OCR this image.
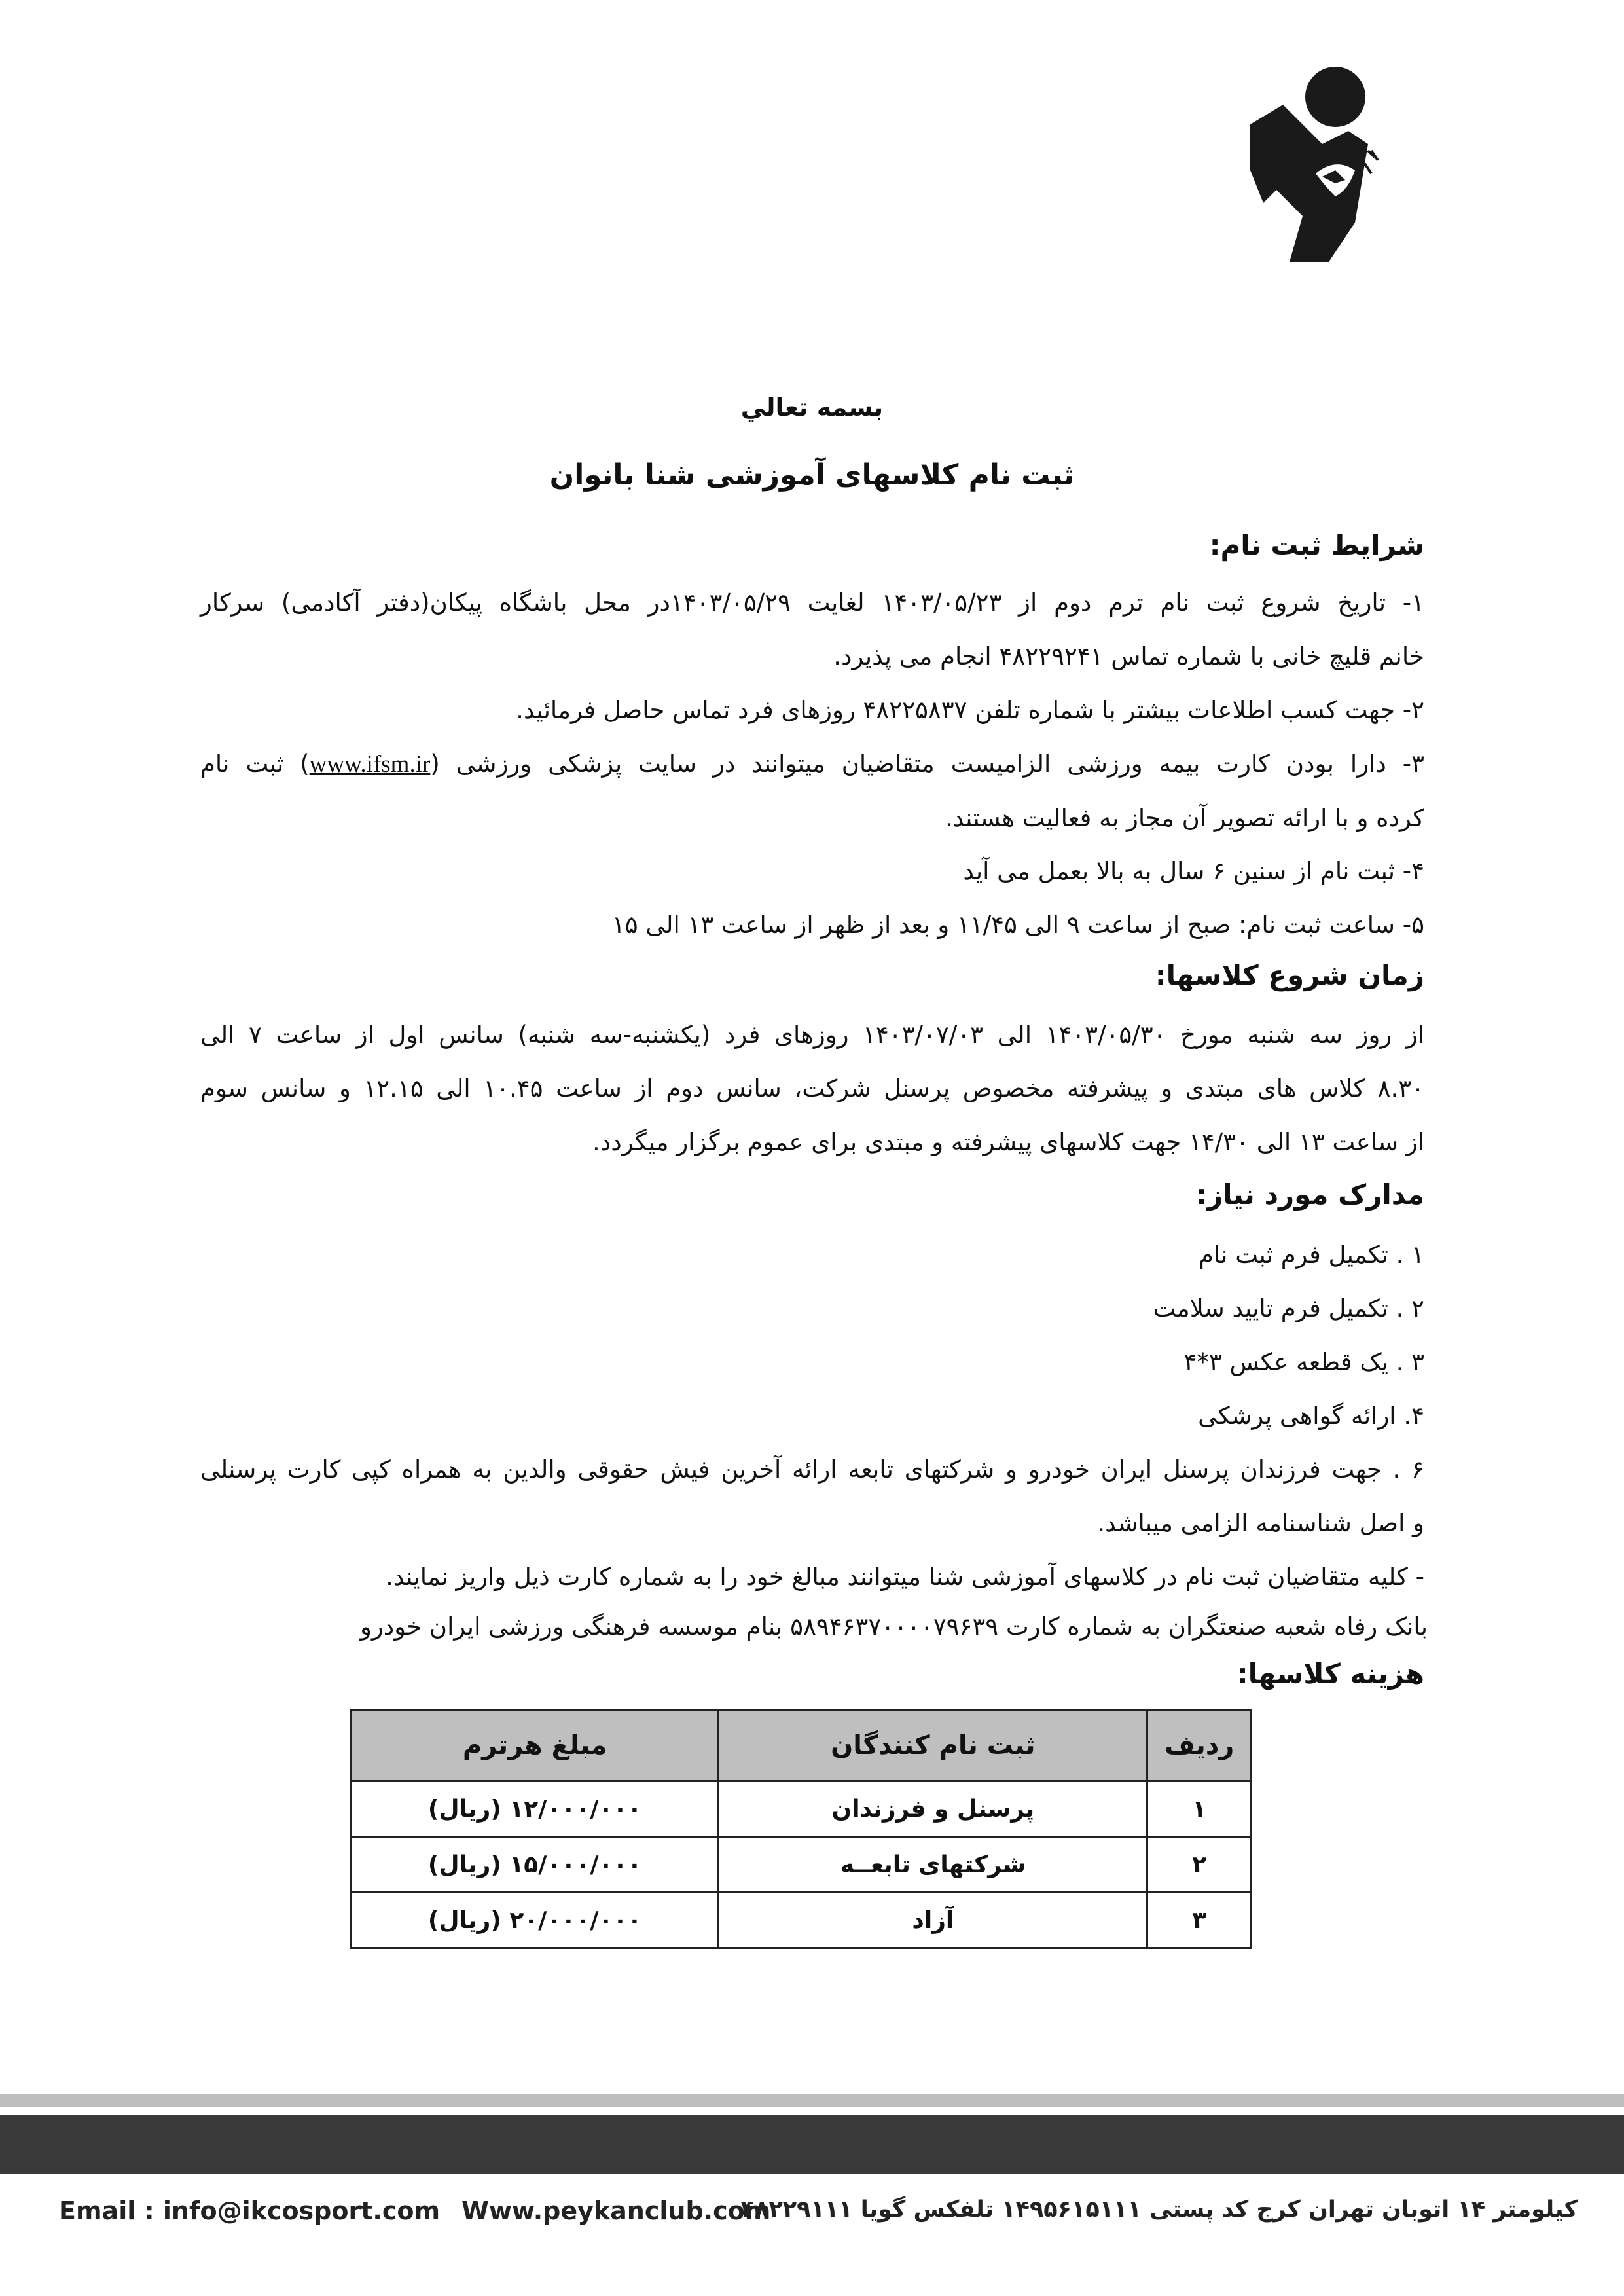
بسمه تعالي
ثبت نام کلاسهای آموزشی شنا بانوان
شرایط ثبت نام:
۱- تاریخ شروع ثبت نام ترم دوم از ۱۴۰۳/۰۵/۲۳ لغایت ۱۴۰۳/۰۵/۲۹در محل باشگاه پیکان(دفتر آکادمی) سرکار
خانم قلیچ خانی با شماره تماس ۴۸۲۲۹۲۴۱ انجام می پذیرد.
۲- جهت کسب اطلاعات بیشتر با شماره تلفن ۴۸۲۲۵۸۳۷ روزهای فرد تماس حاصل فرمائید.
۳- دارا بودن کارت بیمه ورزشی الزامیست متقاضیان میتوانند در سایت پزشکی ورزشی (www.ifsm.ir) ثبت نام
کرده و با ارائه تصویر آن مجاز به فعالیت هستند.
۴- ثبت نام از سنین ۶ سال به بالا بعمل می آید
۵- ساعت ثبت نام: صبح از ساعت ۹ الی ۱۱/۴۵ و بعد از ظهر از ساعت ۱۳ الی ۱۵
زمان شروع کلاسها:
از روز سه شنبه مورخ ۱۴۰۳/۰۵/۳۰ الی ۱۴۰۳/۰۷/۰۳ روزهای فرد (یکشنبه-سه شنبه) سانس اول از ساعت ۷ الی
۸.۳۰ کلاس های مبتدی و پیشرفته مخصوص پرسنل شرکت، سانس دوم از ساعت ۱۰.۴۵ الی ۱۲.۱۵ و سانس سوم
از ساعت ۱۳ الی ۱۴/۳۰ جهت کلاسهای پیشرفته و مبتدی برای عموم برگزار میگردد.
مدارک مورد نیاز:
۱ . تکمیل فرم ثبت نام
۲ . تکمیل فرم تایید سلامت
۳ . یک قطعه عکس ۳*۴
۴. ارائه گواهی پرشکی
۶ . جهت فرزندان پرسنل ایران خودرو و شرکتهای تابعه ارائه آخرین فیش حقوقی والدین به همراه کپی کارت پرسنلی
و اصل شناسنامه الزامی میباشد.
- کلیه متقاضیان ثبت نام در کلاسهای آموزشی شنا میتوانند مبالغ خود را به شماره کارت ذیل واریز نمایند.
بانک رفاه شعبه صنعتگران به شماره کارت ۵۸۹۴۶۳۷۰۰۰۰۷۹۶۳۹ بنام موسسه فرهنگی ورزشی ایران خودرو
هزینه کلاسها:
ردیف	ثبت نام کنندگان	مبلغ هرترم
۱	پرسنل و فرزندان	۱۲/۰۰۰/۰۰۰ (ریال)
۲	شرکتهای تابعــه	۱۵/۰۰۰/۰۰۰ (ریال)
۳	آزاد	۲۰/۰۰۰/۰۰۰ (ریال)
Email : info@ikcosport.com Www.peykanclub.com
کیلومتر ۱۴ اتوبان تهران کرج کد پستی ۱۴۹۵۶۱۵۱۱۱ تلفکس گویا ۴۸۲۲۹۱۱۱
